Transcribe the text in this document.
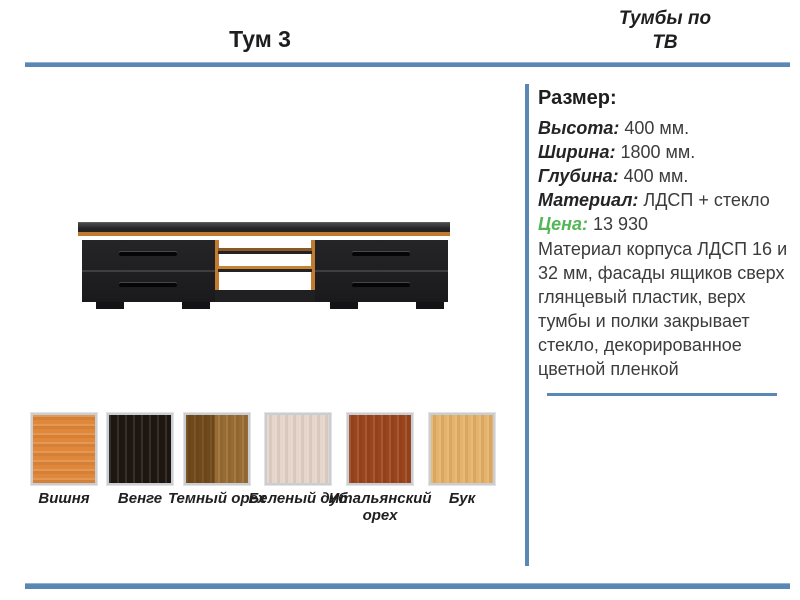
Тум 3
Тумбы по
ТВ
Размер:
Высота: 400 мм.
Ширина: 1800 мм.
Глубина: 400 мм.
Материал: ЛДСП + стекло
Цена: 13 930
Материал корпуса ЛДСП 16 и 32 мм, фасады ящиков сверх глянцевый пластик, верх тумбы и полки закрывает стекло, декорированное цветной пленкой
Вишня	Венге Темный орех
Беленый дуб
Итальянский орех
Бук
